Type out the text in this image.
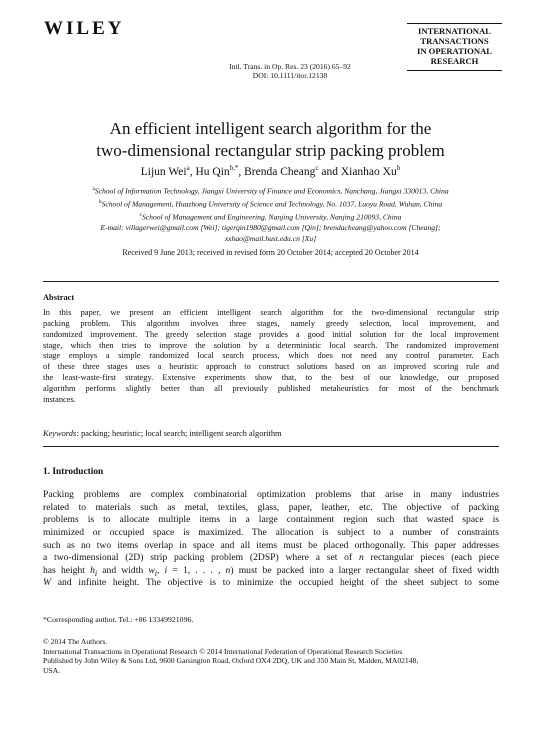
WILEY	INTERNATIONAL
TRANSACTIONS
IN OPERATIONAL
RESEARCH
Intl. Trans. in Op. Res. 23 (2016) 65–92
DOI: 10.1111/itor.12138
An efficient intelligent search algorithm for the
two-dimensional rectangular strip packing problem
Lijun Wei$^a$, Hu Qin$^{b,*}$, Brenda Cheang$^c$ and Xianhao Xu$^b$
$^a$School of Information Technology, Jiangxi University of Finance and Economics, Nanchang, Jiangxi 330013, China
$^b$School of Management, Huazhong University of Science and Technology, No. 1037, Luoyu Road, Wuhan, China
$^c$School of Management and Engineering, Nanjing University, Nanjing 210093, China
E-mail: villagerwei@gmail.com [Wei]; tigerqin1980@gmail.com [Qin]; brendacheang@yahoo.com [Cheang];
xxhao@mail.hust.edu.cn [Xu]
Received 9 June 2013; received in revised form 20 October 2014; accepted 20 October 2014
Abstract
In this paper, we present an efficient intelligent search algorithm for the two-dimensional rectangular strip
packing problem. This algorithm involves three stages, namely greedy selection, local improvement, and
randomized improvement. The greedy selection stage provides a good initial solution for the local improvement
stage, which then tries to improve the solution by a deterministic local search. The randomized improvement
stage employs a simple randomized local search process, which does not need any control parameter. Each
of these three stages uses a heuristic approach to construct solutions based on an improved scoring rule and
the least-waste-first strategy. Extensive experiments show that, to the best of our knowledge, our proposed
algorithm performs slightly better than all previously published metaheuristics for most of the benchmark
instances.
Keywords: packing; heuristic; local search; intelligent search algorithm
1. Introduction
Packing problems are complex combinatorial optimization problems that arise in many industries
related to materials such as metal, textiles, glass, paper, leather, etc. The objective of packing
problems is to allocate multiple items in a large containment region such that wasted space is
minimized or occupied space is maximized. The allocation is subject to a number of constraints
such as no two items overlap in space and all items must be placed orthogonally. This paper addresses
a two-dimensional (2D) strip packing problem (2DSP) where a set of n rectangular pieces (each piece
has height $h_i$ and width $w_i$, i = 1, . . . , n) must be packed into a larger rectangular sheet of fixed width
W and infinite height. The objective is to minimize the occupied height of the sheet subject to some
*Corresponding author. Tel.: +86 13349921096.
© 2014 The Authors.
International Transactions in Operational Research © 2014 International Federation of Operational Research Societies
Published by John Wiley & Sons Ltd, 9600 Garsington Road, Oxford OX4 2DQ, UK and 350 Main St, Malden, MA02148,
USA.
